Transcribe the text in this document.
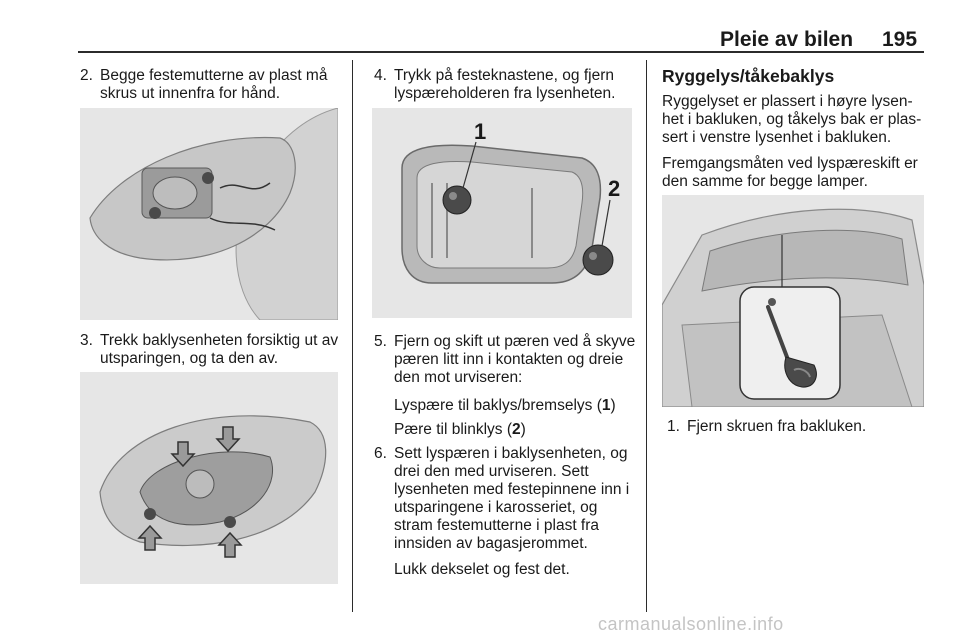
Pleie av bilen 195

2. Begge festemutterne av plast må skrus ut innenfra for hånd.

3. Trekk baklysenheten forsiktig ut av utsparingen, og ta den av.

4. Trykk på festeknastene, og fjern lyspæreholderen fra lysenheten.

1
2

5. Fjern og skift ut pæren ved å skyve pæren litt inn i kontakten og dreie den mot urviseren:

Lyspære til baklys/bremselys (1)

Pære til blinklys (2)

6. Sett lyspæren i baklysenheten, og drei den med urviseren. Sett lysenheten med festepinnene inn i utsparingene i karosseriet, og stram festemutterne i plast fra innsiden av bagasjerommet.

Lukk dekselet og fest det.

Ryggelys/tåkebaklys

Ryggelyset er plassert i høyre lysen-het i bakluken, og tåkelys bak er plas-sert i venstre lysenhet i bakluken.

Fremgangsmåten ved lyspæreskift er den samme for begge lamper.

1. Fjern skruen fra bakluken.

carmanualsonline.info
